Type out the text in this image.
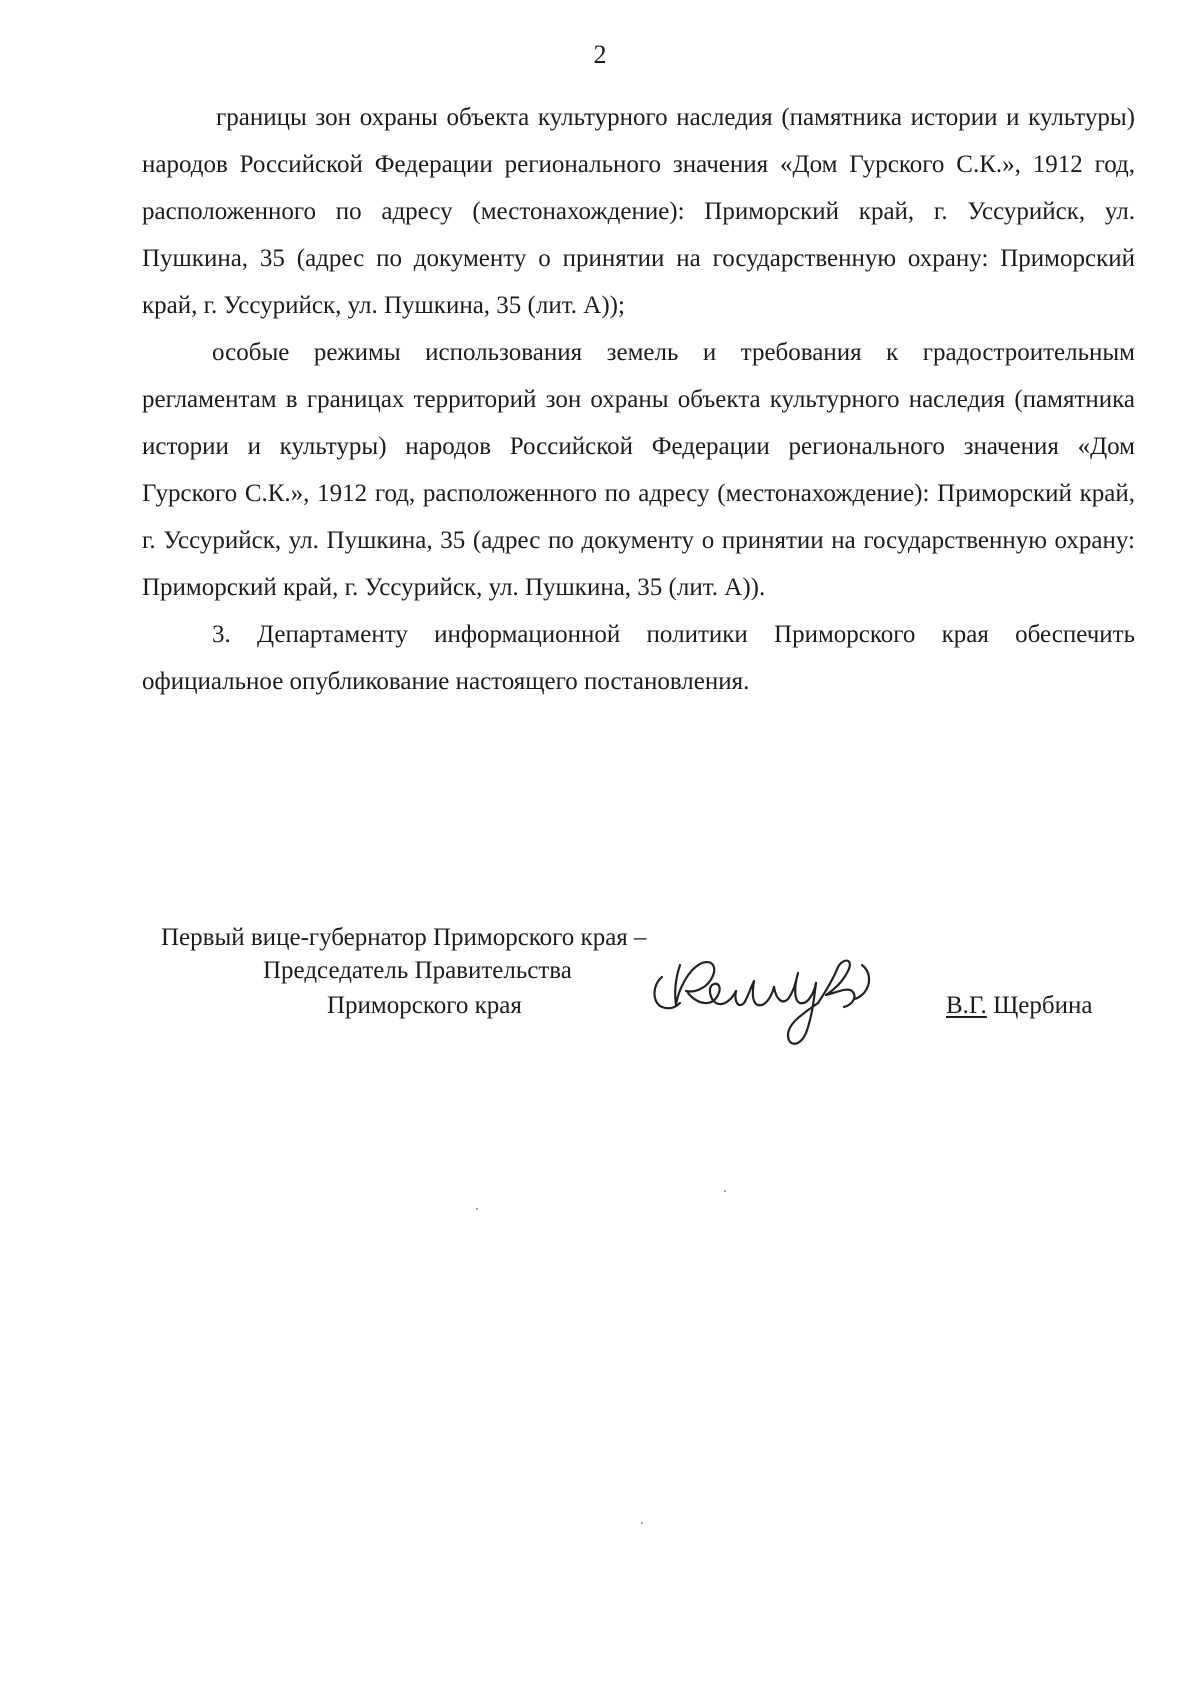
2

границы зон охраны объекта культурного наследия (памятника истории и культуры) народов Российской Федерации регионального значения «Дом Гурского С.К.», 1912 год, расположенного по адресу (местонахождение): Приморский край, г. Уссурийск, ул. Пушкина, 35 (адрес по документу о принятии на государственную охрану: Приморский край, г. Уссурийск, ул. Пушкина, 35 (лит. А));

особые режимы использования земель и требования к градостроительным регламентам в границах территорий зон охраны объекта культурного наследия (памятника истории и культуры) народов Российской Федерации регионального значения «Дом Гурского С.К.», 1912 год, расположенного по адресу (местонахождение): Приморский край, г. Уссурийск, ул. Пушкина, 35 (адрес по документу о принятии на государственную охрану: Приморский край, г. Уссурийск, ул. Пушкина, 35 (лит. А)).

3. Департаменту информационной политики Приморского края обеспечить официальное опубликование настоящего постановления.

Первый вице-губернатор Приморского края –
Председатель Правительства
Приморского края	В.Г. Щербина
